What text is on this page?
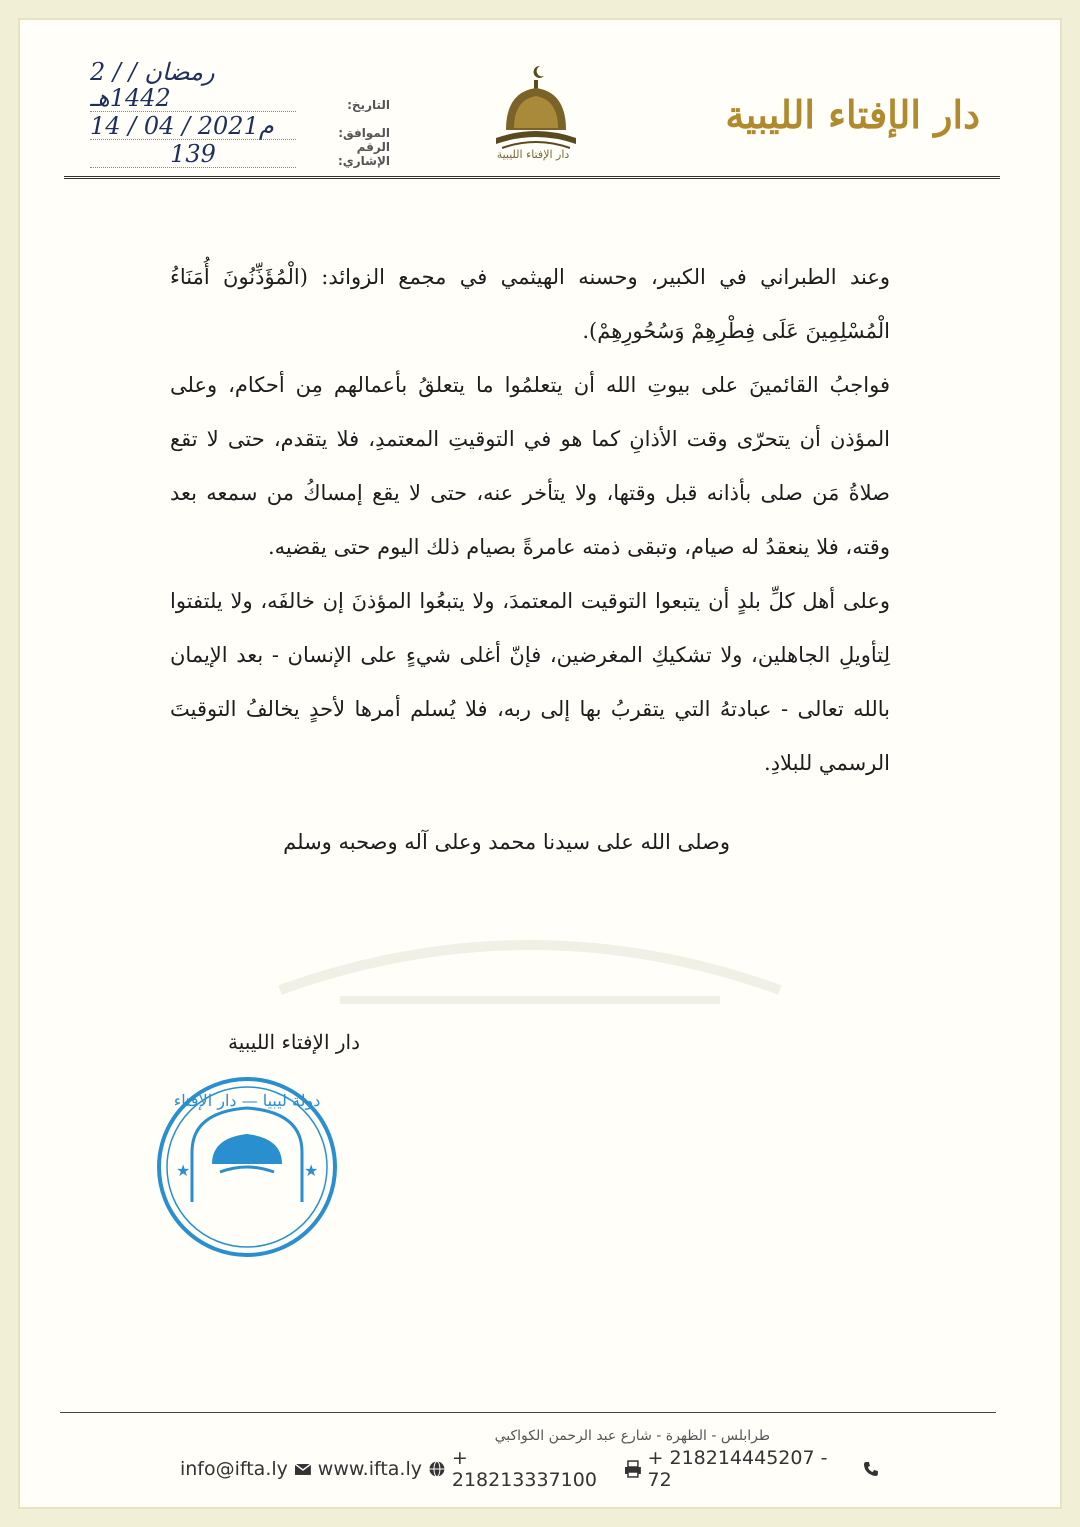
دار الإفتاء الليبية
دار الإفتاء الليبية
التاريخ:
2 / رمضان / 1442هـ
الموافق:
14 / 04 / 2021م
الرقم الإشاري:
139

وعند الطبراني في الكبير، وحسنه الهيثمي في مجمع الزوائد: (الْمُؤَذِّنُونَ أُمَنَاءُ الْمُسْلِمِينَ عَلَى فِطْرِهِمْ وَسُحُورِهِمْ).

فواجبُ القائمينَ على بيوتِ الله أن يتعلمُوا ما يتعلقُ بأعمالهم مِن أحكام، وعلى المؤذن أن يتحرّى وقت الأذانِ كما هو في التوقيتِ المعتمدِ، فلا يتقدم، حتى لا تقع صلاةُ مَن صلى بأذانه قبل وقتها، ولا يتأخر عنه، حتى لا يقع إمساكُ من سمعه بعد وقته، فلا ينعقدُ له صيام، وتبقى ذمته عامرةً بصيام ذلك اليوم حتى يقضيه.

وعلى أهل كلِّ بلدٍ أن يتبعوا التوقيت المعتمدَ، ولا يتبعُوا المؤذنَ إن خالفَه، ولا يلتفتوا لِتأويلِ الجاهلين، ولا تشكيكِ المغرضين، فإنّ أغلى شيءٍ على الإنسان - بعد الإيمان بالله تعالى - عبادتهُ التي يتقربُ بها إلى ربه، فلا يُسلم أمرها لأحدٍ يخالفُ التوقيتَ الرسمي للبلادِ.

وصلى الله على سيدنا محمد وعلى آله وصحبه وسلم
دار الإفتاء الليبية
★	★
دولة ليبيا — دار الإفتاء
طرابلس - الظهرة - شارع عبد الرحمن الكواكبي
info@ifta.ly www.ifta.ly + 218213337100
+ 218214445207 - 72
